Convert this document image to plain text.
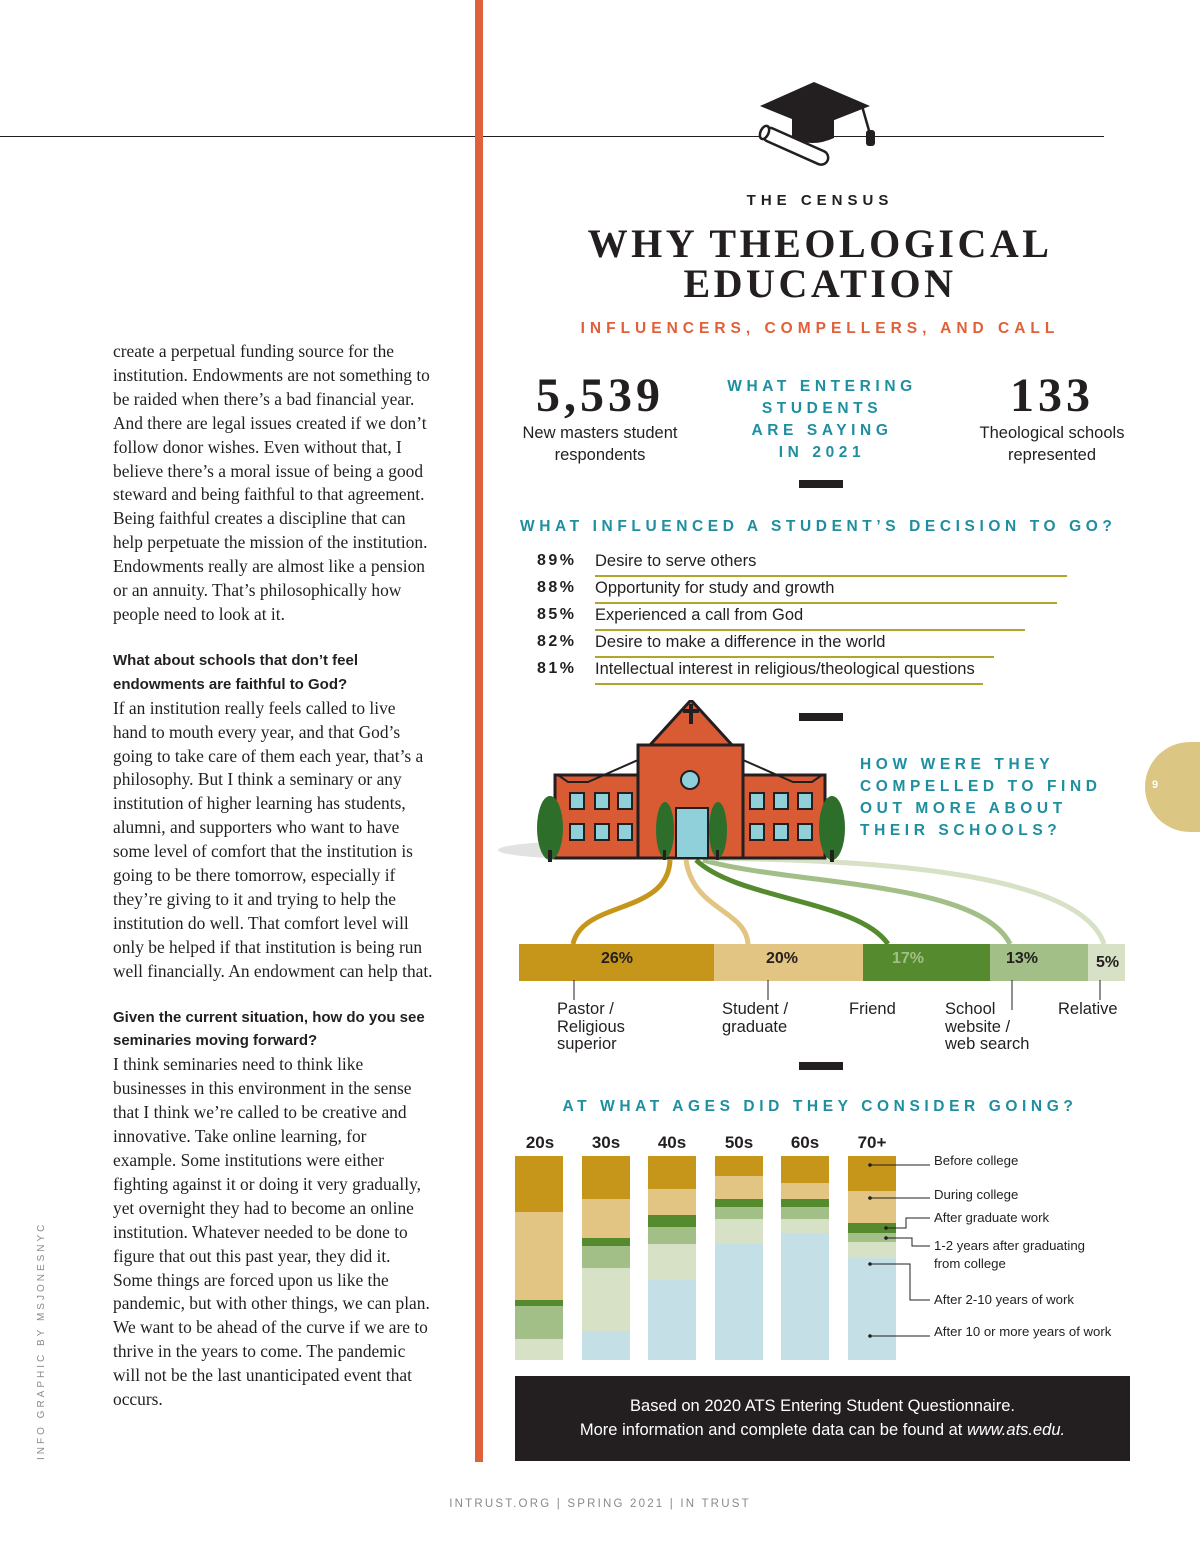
create a perpetual funding source for the institution. Endowments are not something to be raided when there’s a bad financial year. And there are legal issues created if we don’t follow donor wishes. Even without that, I believe there’s a moral issue of being a good steward and being faithful to that agreement. Being faithful creates a discipline that can help perpetuate the mission of the institution. Endowments really are almost like a pension or an annuity. That’s philosophically how people need to look at it.

What about schools that don’t feel endowments are faithful to God?

If an institution really feels called to live hand to mouth every year, and that God’s going to take care of them each year, that’s a philosophy. But I think a seminary or any institution of higher learning has students, alumni, and supporters who want to have some level of comfort that the institution is going to be there tomorrow, especially if they’re giving to it and trying to help the institution do well. That comfort level will only be helped if that institution is being run well financially. An endowment can help that.

Given the current situation, how do you see seminaries moving forward?

I think seminaries need to think like businesses in this environment in the sense that I think we’re called to be creative and innovative. Take online learning, for example. Some institutions were either fighting against it or doing it very gradually, yet overnight they had to become an online institution. Whatever needed to be done to figure that out this past year, they did it. Some things are forced upon us like the pandemic, but with other things, we can plan. We want to be ahead of the curve if we are to thrive in the years to come. The pandemic will not be the last unanticipated event that occurs.

INFO GRAPHIC BY MSJONESNYC
THE CENSUS
WHY THEOLOGICAL
EDUCATION
INFLUENCERS, COMPELLERS, AND CALL
5,539
New masters student
respondents
WHAT ENTERING
STUDENTS
ARE SAYING
IN 2021
133
Theological schools
represented
WHAT INFLUENCED A STUDENT’S DECISION TO GO?
89% Desire to serve others
88% Opportunity for study and growth
85% Experienced a call from God
82% Desire to make a difference in the world
81% Intellectual interest in religious/theological questions
HOW WERE THEY
COMPELLED TO FIND
OUT MORE ABOUT
THEIR SCHOOLS?
26%	20%	17%	13%	5%
Pastor /
Religious
superior
Student /
graduate
Friend	School
website /
web search
Relative
AT WHAT AGES DID THEY CONSIDER GOING?
20s	30s	40s	50s	60s	70+
Before college
During college
After graduate work
1-2 years after graduating
from college
After 2-10 years of work
After 10 or more years of work
Based on 2020 ATS Entering Student Questionnaire.
More information and complete data can be found at www.ats.edu.
9
INTRUST.ORG | SPRING 2021 | IN TRUST
